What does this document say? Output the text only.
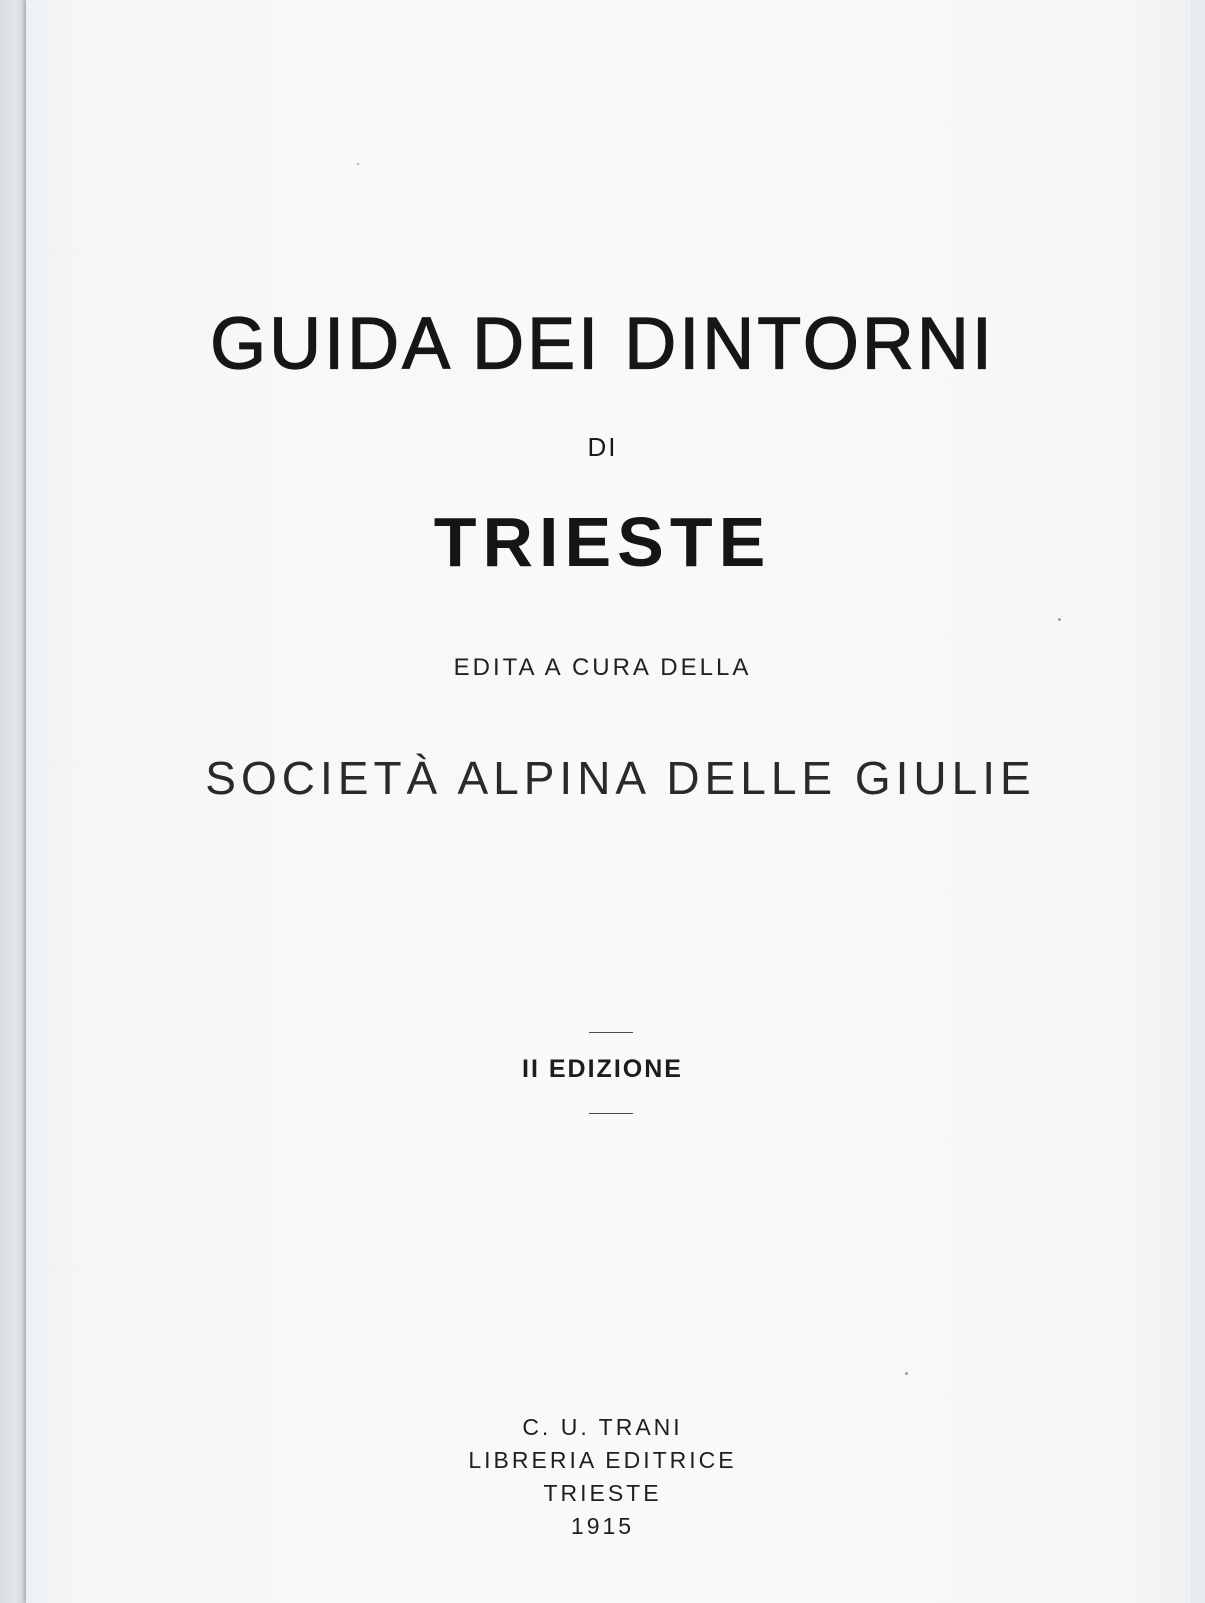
GUIDA DEI DINTORNI
DI
TRIESTE
EDITA A CURA DELLA
SOCIETÀ ALPINA DELLE GIULIE
II EDIZIONE
C. U. TRANI
LIBRERIA EDITRICE
TRIESTE
1915
